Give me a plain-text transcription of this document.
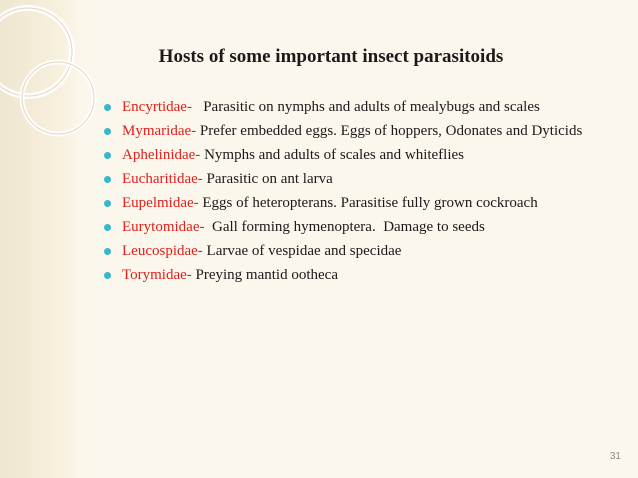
Hosts of some important insect parasitoids
Encyrtidae-   Parasitic on nymphs and adults of mealybugs and scales
Mymaridae- Prefer embedded eggs. Eggs of hoppers, Odonates and Dyticids
Aphelinidae- Nymphs and adults of scales and whiteflies
Eucharitidae- Parasitic on ant larva
Eupelmidae- Eggs of heteropterans. Parasitise fully grown cockroach
Eurytomidae-  Gall forming hymenoptera.  Damage to seeds
Leucospidae- Larvae of vespidae and specidae
Torymidae- Preying mantid ootheca
31
